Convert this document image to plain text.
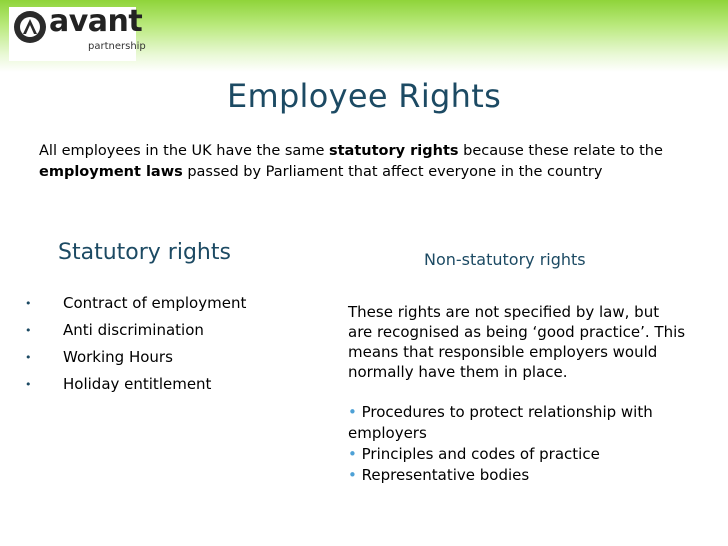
avant
partnership
Employee Rights
All employees in the UK have the same statutory rights because these relate to the employment laws passed by Parliament that affect everyone in the country
Statutory rights	Non-statutory rights
• Contract of employment
• Anti discrimination
• Working Hours
• Holiday entitlement

These rights are not specified by law, but are recognised as being ‘good practice’. This means that responsible employers would normally have them in place.

• Procedures to protect relationship with employers
• Principles and codes of practice
• Representative bodies
